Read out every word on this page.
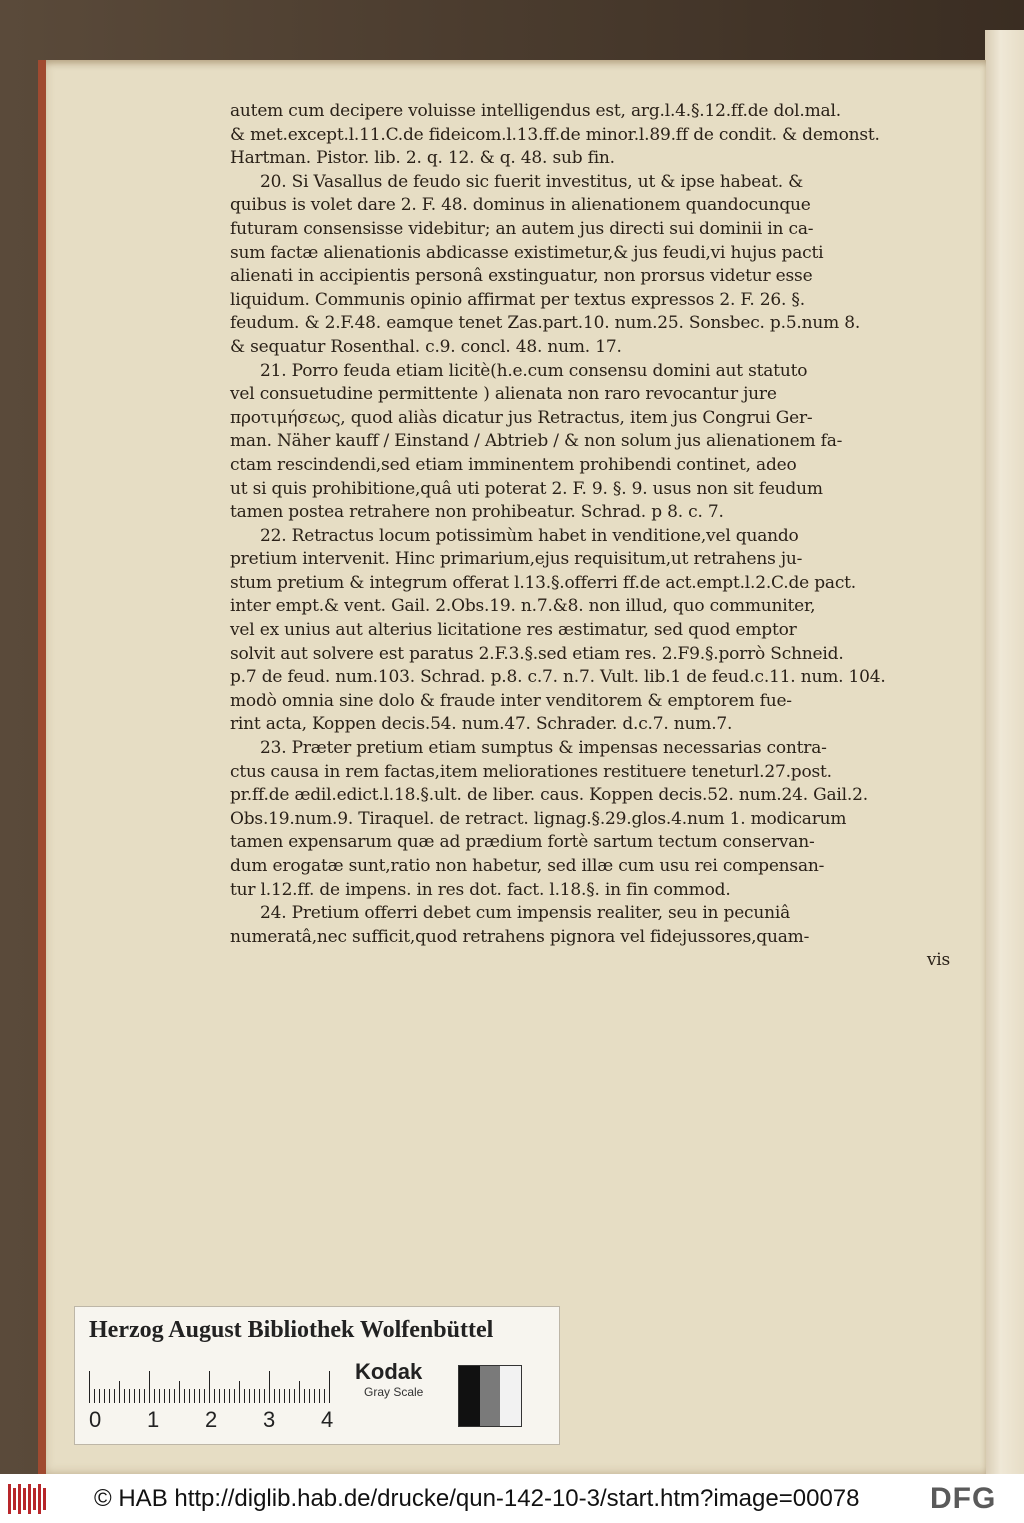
autem cum decipere voluisse intelligendus est, arg.l.4.§.12.ff.de dol.mal.
& met.except.l.11.C.de fideicom.l.13.ff.de minor.l.89.ff de condit. & demonst.
Hartman. Pistor. lib. 2. q. 12. & q. 48. sub fin.
20. Si Vasallus de feudo sic fuerit investitus, ut & ipse habeat. &
quibus is volet dare 2. F. 48. dominus in alienationem quandocunque
futuram consensisse videbitur; an autem jus directi sui dominii in ca-
sum factæ alienationis abdicasse existimetur,& jus feudi,vi hujus pacti
alienati in accipientis personâ exstinguatur, non prorsus videtur esse
liquidum. Communis opinio affirmat per textus expressos 2. F. 26. §.
feudum. & 2.F.48. eamque tenet Zas.part.10. num.25. Sonsbec. p.5.num 8.
& sequatur Rosenthal. c.9. concl. 48. num. 17.
21. Porro feuda etiam licitè(h.e.cum consensu domini aut statuto
vel consuetudine permittente ) alienata non raro revocantur jure
προτιμήσεως, quod aliàs dicatur jus Retractus, item jus Congrui Ger-
man. Näher kauff / Einstand / Abtrieb / & non solum jus alienationem fa-
ctam rescindendi,sed etiam imminentem prohibendi continet, adeo
ut si quis prohibitione,quâ uti poterat 2. F. 9. §. 9. usus non sit feudum
tamen postea retrahere non prohibeatur. Schrad. p 8. c. 7.
22. Retractus locum potissimùm habet in venditione,vel quando
pretium intervenit. Hinc primarium,ejus requisitum,ut retrahens ju-
stum pretium & integrum offerat l.13.§.offerri ff.de act.empt.l.2.C.de pact.
inter empt.& vent. Gail. 2.Obs.19. n.7.&8. non illud, quo communiter,
vel ex unius aut alterius licitatione res æstimatur, sed quod emptor
solvit aut solvere est paratus 2.F.3.§.sed etiam res. 2.F9.§.porrò Schneid.
p.7 de feud. num.103. Schrad. p.8. c.7. n.7. Vult. lib.1 de feud.c.11. num. 104.
modò omnia sine dolo & fraude inter venditorem & emptorem fue-
rint acta, Koppen decis.54. num.47. Schrader. d.c.7. num.7.
23. Præter pretium etiam sumptus & impensas necessarias contra-
ctus causa in rem factas,item meliorationes restituere teneturl.27.post.
pr.ff.de ædil.edict.l.18.§.ult. de liber. caus. Koppen decis.52. num.24. Gail.2.
Obs.19.num.9. Tiraquel. de retract. lignag.§.29.glos.4.num 1. modicarum
tamen expensarum quæ ad prædium fortè sartum tectum conservan-
dum erogatæ sunt,ratio non habetur, sed illæ cum usu rei compensan-
tur l.12.ff. de impens. in res dot. fact. l.18.§. in fin commod.
24. Pretium offerri debet cum impensis realiter, seu in pecuniâ
numeratâ,nec sufficit,quod retrahens pignora vel fidejussores,quam-
vis
Herzog August Bibliothek Wolfenbüttel
0 1 2 3 4
Kodak
Gray Scale
© HAB http://diglib.hab.de/drucke/qun-142-10-3/start.htm?image=00078 DFG
